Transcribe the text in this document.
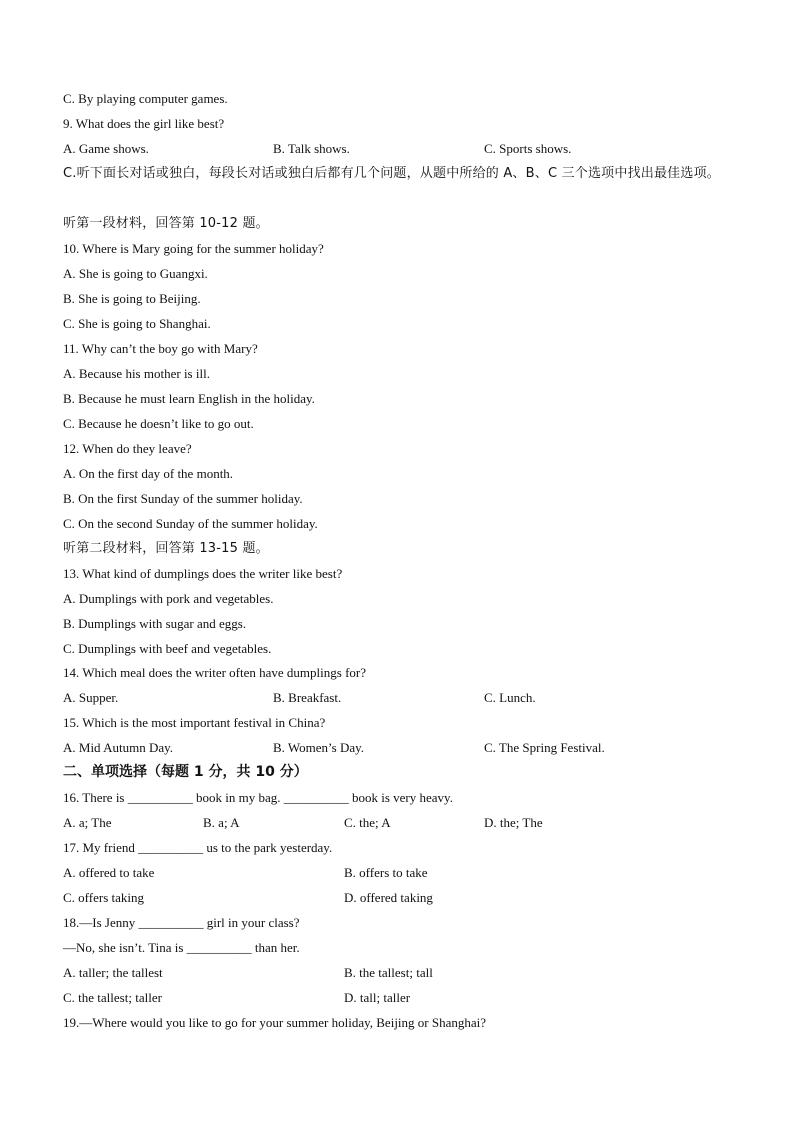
C. By playing computer games.
9. What does the girl like best?
A. Game shows.	B. Talk shows.	C. Sports shows.
C.听下面长对话或独白，每段长对话或独白后都有几个问题，从题中所给的 A、B、C 三个选项中找出最佳选项。
听第一段材料，回答第 10-12 题。
10. Where is Mary going for the summer holiday?
A. She is going to Guangxi.
B. She is going to Beijing.
C. She is going to Shanghai.
11. Why can’t the boy go with Mary?
A. Because his mother is ill.
B. Because he must learn English in the holiday.
C. Because he doesn’t like to go out.
12. When do they leave?
A. On the first day of the month.
B. On the first Sunday of the summer holiday.
C. On the second Sunday of the summer holiday.
听第二段材料，回答第 13-15 题。
13. What kind of dumplings does the writer like best?
A. Dumplings with pork and vegetables.
B. Dumplings with sugar and eggs.
C. Dumplings with beef and vegetables.
14. Which meal does the writer often have dumplings for?
A. Supper.	B. Breakfast.	C. Lunch.
15. Which is the most important festival in China?
A. Mid Autumn Day.	B. Women’s Day.	C. The Spring Festival.
二、单项选择（每题 1 分，共 10 分）
16. There is __________ book in my bag. __________ book is very heavy.
A. a; The	B. a; A	C. the; A	D. the; The
17. My friend __________ us to the park yesterday.
A. offered to take	B. offers to take
C. offers taking	D. offered taking
18.—Is Jenny __________ girl in your class?
—No, she isn’t. Tina is __________ than her.
A. taller; the tallest	B. the tallest; tall
C. the tallest; taller	D. tall; taller
19.—Where would you like to go for your summer holiday, Beijing or Shanghai?
